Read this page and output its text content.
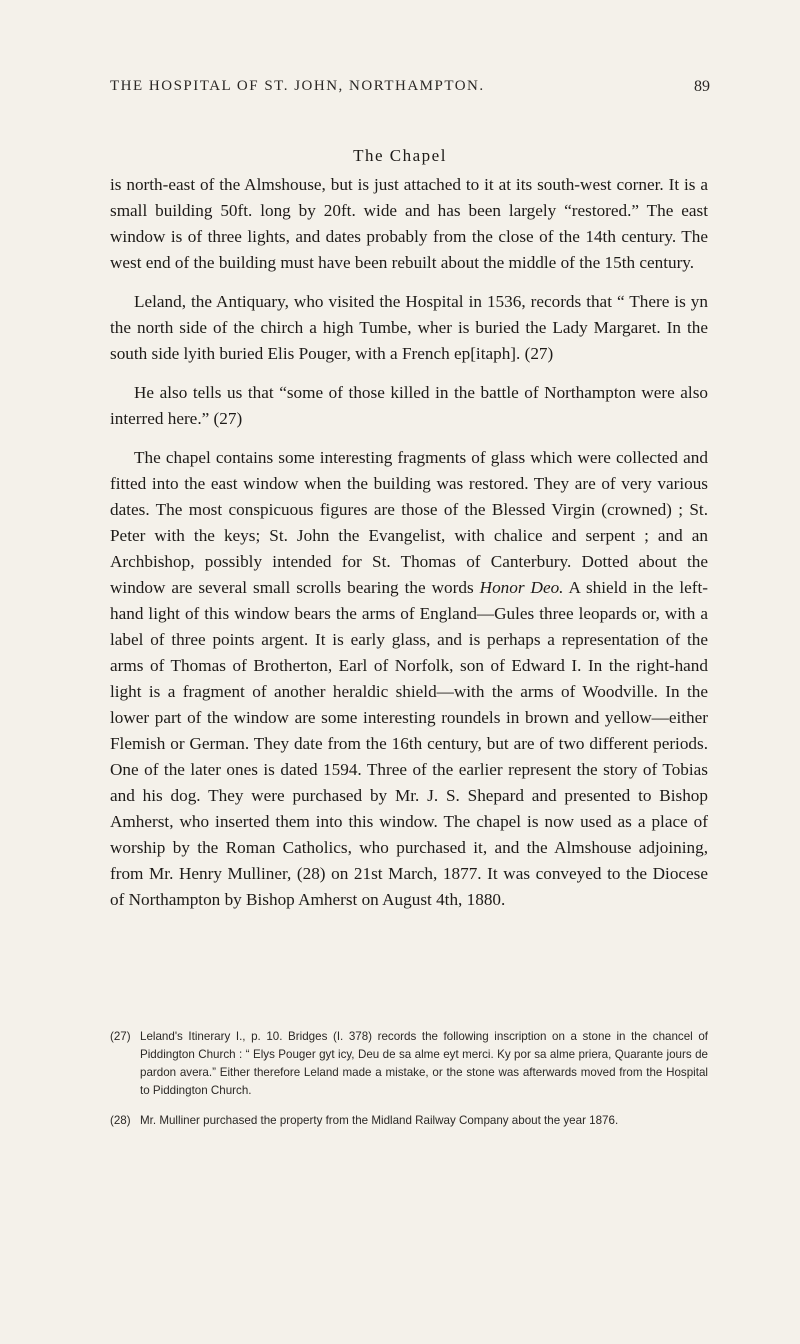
THE HOSPITAL OF ST. JOHN, NORTHAMPTON.	89
The Chapel

is north-east of the Almshouse, but is just attached to it at its south-west corner. It is a small building 50ft. long by 20ft. wide and has been largely “restored.” The east window is of three lights, and dates probably from the close of the 14th century. The west end of the building must have been rebuilt about the middle of the 15th century.

Leland, the Antiquary, who visited the Hospital in 1536, records that “ There is yn the north side of the chirch a high Tumbe, wher is buried the Lady Margaret. In the south side lyith buried Elis Pouger, with a French ep[itaph]. (27)

He also tells us that “some of those killed in the battle of Northampton were also interred here.” (27)

The chapel contains some interesting fragments of glass which were collected and fitted into the east window when the building was restored. They are of very various dates. The most conspicuous figures are those of the Blessed Virgin (crowned) ; St. Peter with the keys; St. John the Evangelist, with chalice and serpent ; and an Archbishop, possibly intended for St. Thomas of Canterbury. Dotted about the window are several small scrolls bearing the words Honor Deo. A shield in the left-hand light of this window bears the arms of England—Gules three leopards or, with a label of three points argent. It is early glass, and is perhaps a representation of the arms of Thomas of Brotherton, Earl of Norfolk, son of Edward I. In the right-hand light is a fragment of another heraldic shield—with the arms of Woodville. In the lower part of the window are some interesting roundels in brown and yellow—either Flemish or German. They date from the 16th century, but are of two different periods. One of the later ones is dated 1594. Three of the earlier represent the story of Tobias and his dog. They were purchased by Mr. J. S. Shepard and presented to Bishop Amherst, who inserted them into this window. The chapel is now used as a place of worship by the Roman Catholics, who purchased it, and the Almshouse adjoining, from Mr. Henry Mulliner, (28) on 21st March, 1877. It was conveyed to the Diocese of Northampton by Bishop Amherst on August 4th, 1880.

(27) Leland's Itinerary I., p. 10. Bridges (I. 378) records the following inscription on a stone in the chancel of Piddington Church : “ Elys Pouger gyt icy, Deu de sa alme eyt merci. Ky por sa alme priera, Quarante jours de pardon avera.” Either therefore Leland made a mistake, or the stone was afterwards moved from the Hospital to Piddington Church.
(28) Mr. Mulliner purchased the property from the Midland Railway Company about the year 1876.
